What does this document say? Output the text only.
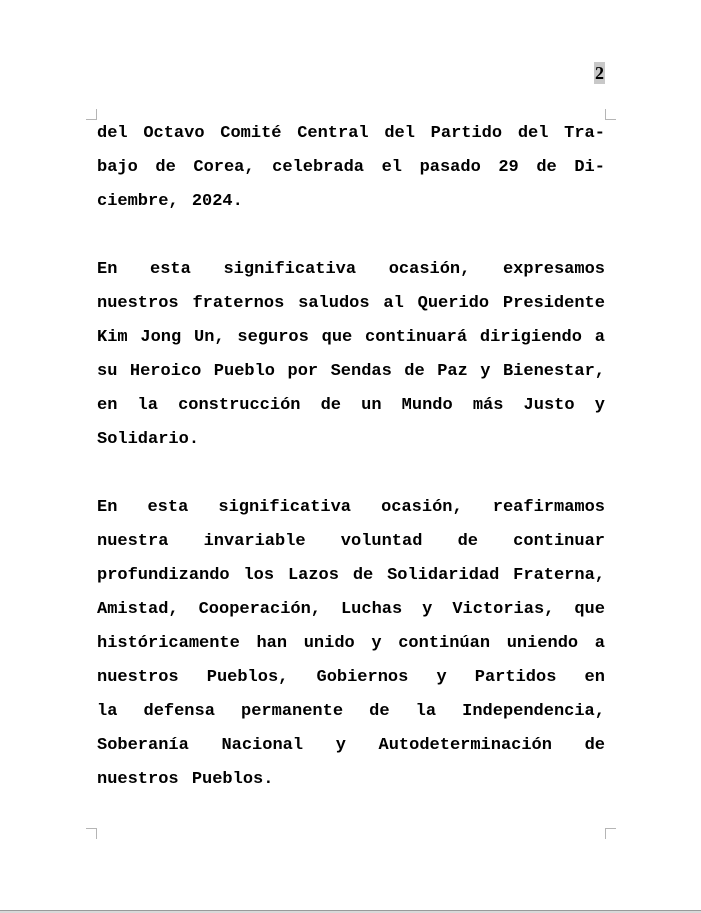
2
del Octavo Comité Central del Partido del Tra-
bajo de Corea, celebrada el pasado 29 de Di-
ciembre, 2024.
En esta significativa ocasión, expresamos
nuestros fraternos saludos al Querido Presidente
Kim Jong Un, seguros que continuará dirigiendo a
su Heroico Pueblo por Sendas de Paz y Bienestar,
en la construcción de un Mundo más Justo y
Solidario.
En esta significativa ocasión, reafirmamos
nuestra invariable voluntad de continuar
profundizando los Lazos de Solidaridad Fraterna,
Amistad, Cooperación, Luchas y Victorias, que
históricamente han unido y continúan uniendo a
nuestros Pueblos, Gobiernos y Partidos en
la defensa permanente de la Independencia,
Soberanía Nacional y Autodeterminación de
nuestros Pueblos.
